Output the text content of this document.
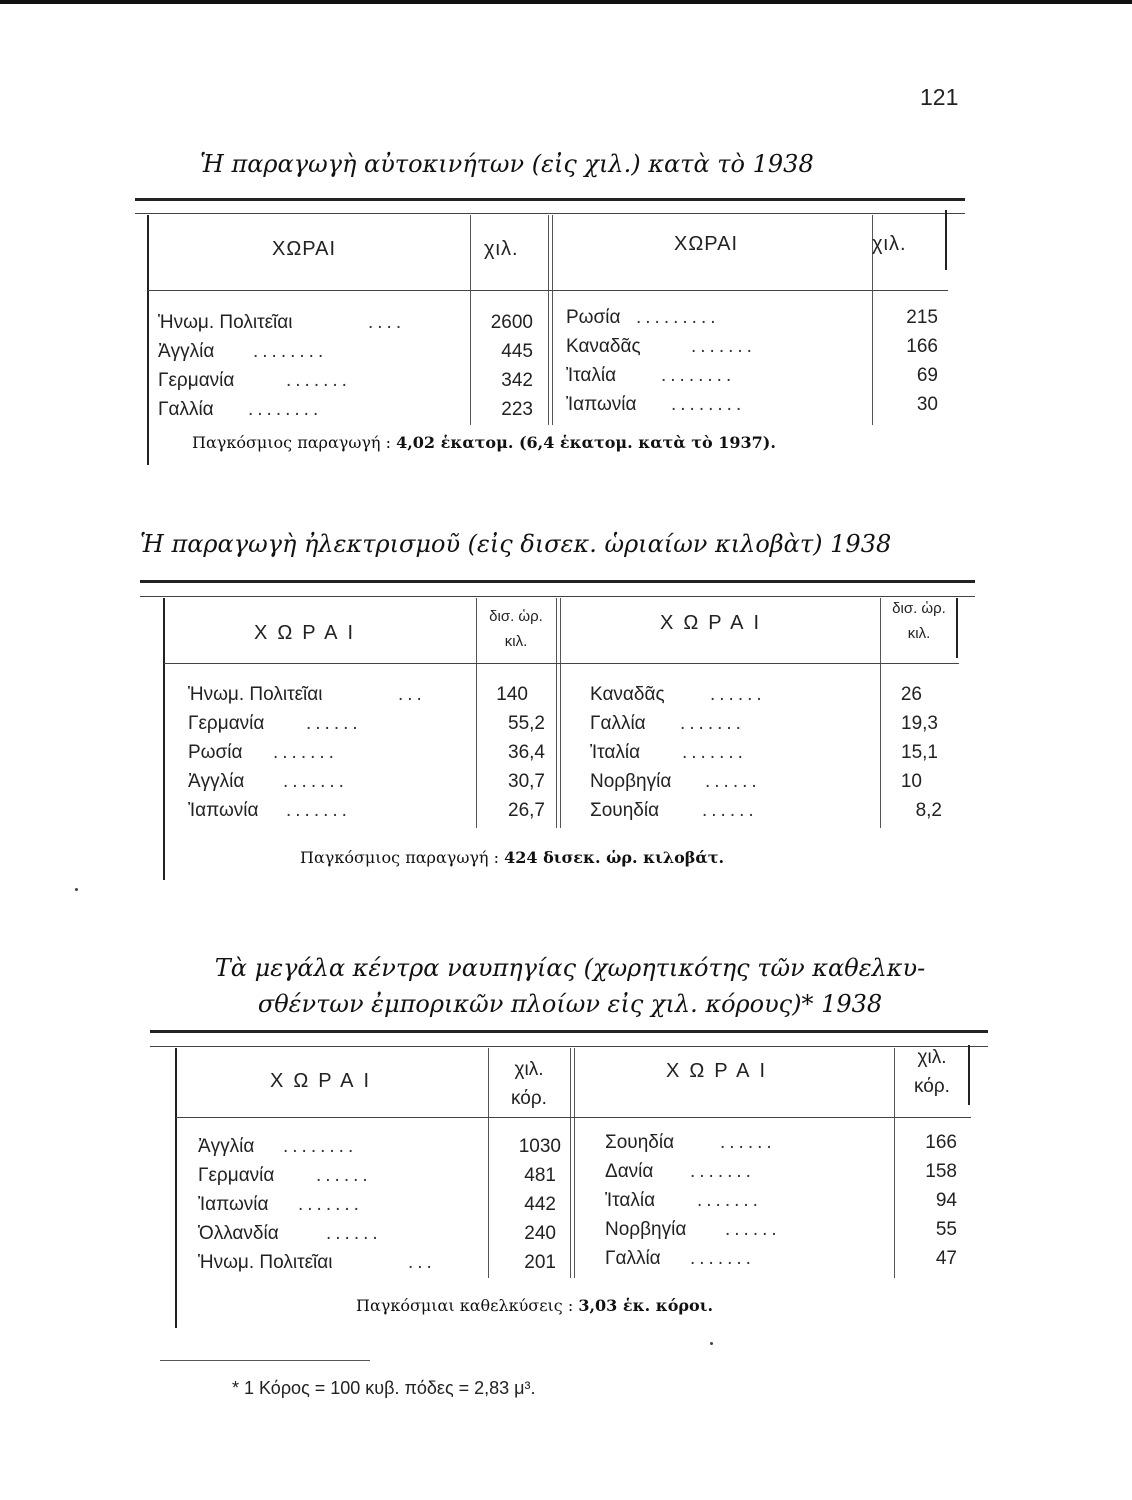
121
Ἡ παραγωγὴ αὐτοκινήτων (εἰς χιλ.) κατὰ τὸ 1938
ΧΩΡΑΙ	χιλ.	ΧΩΡΑΙ	χιλ.
Ἡνωμ. Πολιτεῖαι	....	2600
Ἀγγλία ........	445
Γερμανία	.......	342
Γαλλία ........	223
Ρωσία .........	215
Καναδᾶς	.......	166
Ἰταλία ........	69
Ἰαπωνία ........	30
Παγκόσμιος παραγωγή : 4,02 ἑκατομ. (6,4 ἑκατομ. κατὰ τὸ 1937).
Ἡ παραγωγὴ ἠλεκτρισμοῦ (εἰς δισεκ. ὡριαίων κιλοβὰτ) 1938
ΧΩΡΑΙ
δισ. ὡρ.
κιλ.
ΧΩΡΑΙ
δισ. ὡρ.
κιλ.
Ἡνωμ. Πολιτεῖαι	...	140
Γερμανία ......	55,2
Ρωσία .......	36,4
Ἀγγλία .......	30,7
Ἰαπωνία .......	26,7
Καναδᾶς ......	26
Γαλλία .......	19,3
Ἰταλία .......	15,1
Νορβηγία ......	10
Σουηδία ......	8,2
Παγκόσμιος παραγωγή : 424 δισεκ. ὡρ. κιλοβάτ.
Τὰ μεγάλα κέντρα ναυπηγίας (χωρητικότης τῶν καθελκυ-
σθέντων ἐμπορικῶν πλοίων εἰς χιλ. κόρους)* 1938
ΧΩΡΑΙ
χιλ.
κόρ.
ΧΩΡΑΙ
χιλ.
κόρ.
Ἀγγλία ........	1030
Γερμανία ......	481
Ἰαπωνία .......	442
Ὁλλανδία ......	240
Ἡνωμ. Πολιτεῖαι	...	201
Σουηδία ......	166
Δανία .......	158
Ἰταλία .......	94
Νορβηγία ......	55
Γαλλία .......	47
Παγκόσμιαι καθελκύσεις : 3,03 ἑκ. κόροι.
* 1 Κόρος = 100 κυβ. πόδες = 2,83 μ³.
